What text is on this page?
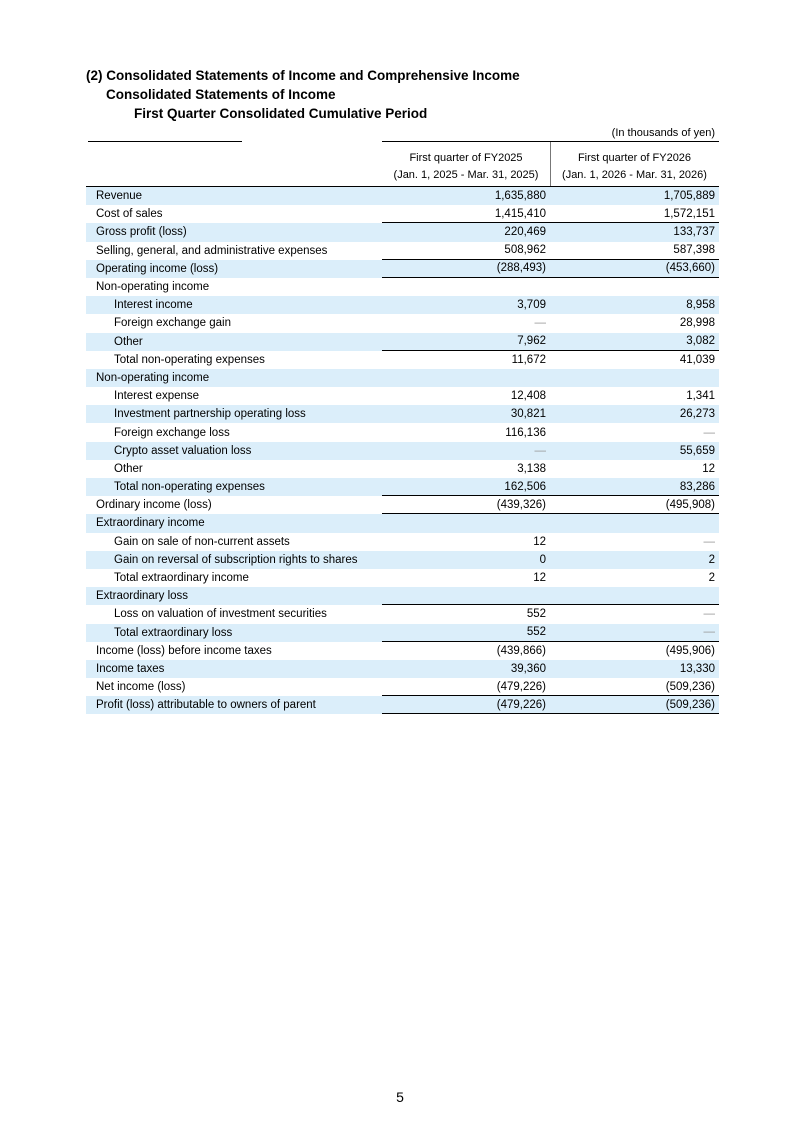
(2) Consolidated Statements of Income and Comprehensive Income
Consolidated Statements of Income
First Quarter Consolidated Cumulative Period
(In thousands of yen)
First quarter of FY2025
(Jan. 1, 2025 - Mar. 31, 2025)
First quarter of FY2026
(Jan. 1, 2026 - Mar. 31, 2026)
Revenue	1,635,880	1,705,889
Cost of sales	1,415,410	1,572,151
Gross profit (loss)	220,469	133,737
Selling, general, and administrative expenses	508,962	587,398
Operating income (loss)	(288,493)	(453,660)
Non-operating income
Interest income	3,709	8,958
Foreign exchange gain	—	28,998
Other	7,962	3,082
Total non-operating expenses	11,672	41,039
Non-operating income
Interest expense	12,408	1,341
Investment partnership operating loss	30,821	26,273
Foreign exchange loss	116,136	—
Crypto asset valuation loss	—	55,659
Other	3,138	12
Total non-operating expenses	162,506	83,286
Ordinary income (loss)	(439,326)	(495,908)
Extraordinary income
Gain on sale of non-current assets	12	—
Gain on reversal of subscription rights to shares	0	2
Total extraordinary income	12	2
Extraordinary loss
Loss on valuation of investment securities	552	—
Total extraordinary loss	552	—
Income (loss) before income taxes	(439,866)	(495,906)
Income taxes	39,360	13,330
Net income (loss)	(479,226)	(509,236)
Profit (loss) attributable to owners of parent	(479,226)	(509,236)
5
